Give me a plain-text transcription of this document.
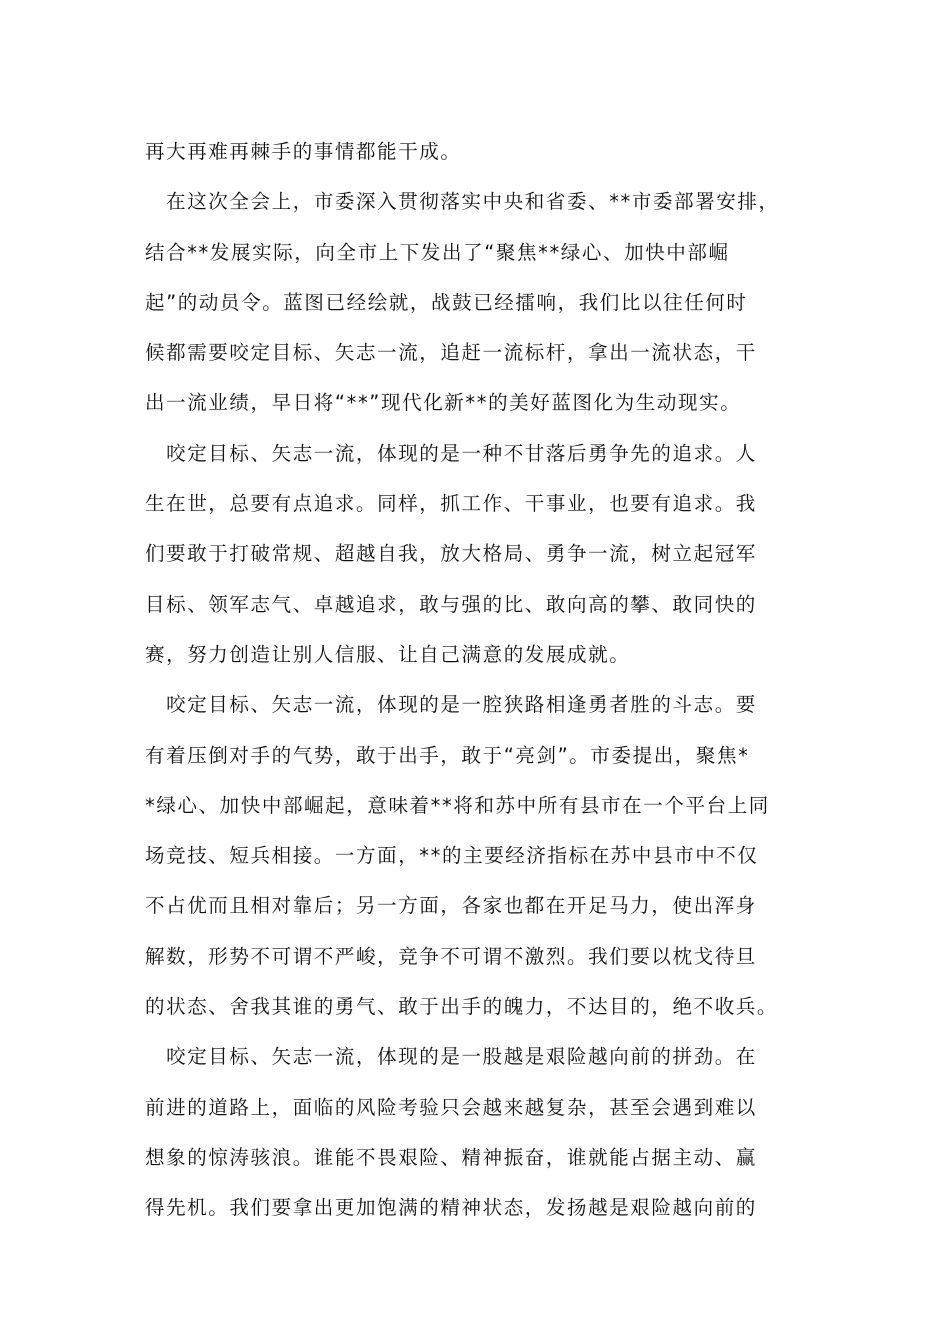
再大再难再棘手的事情都能干成。
　在这次全会上，市委深入贯彻落实中央和省委、**市委部署安排，
结合**发展实际，向全市上下发出了“聚焦**绿心、加快中部崛
起”的动员令。蓝图已经绘就，战鼓已经擂响，我们比以往任何时
候都需要咬定目标、矢志一流，追赶一流标杆，拿出一流状态，干
出一流业绩，早日将“**”现代化新**的美好蓝图化为生动现实。
　咬定目标、矢志一流，体现的是一种不甘落后勇争先的追求。人
生在世，总要有点追求。同样，抓工作、干事业，也要有追求。我
们要敢于打破常规、超越自我，放大格局、勇争一流，树立起冠军
目标、领军志气、卓越追求，敢与强的比、敢向高的攀、敢同快的
赛，努力创造让别人信服、让自己满意的发展成就。
　咬定目标、矢志一流，体现的是一腔狭路相逢勇者胜的斗志。要
有着压倒对手的气势，敢于出手，敢于“亮剑”。市委提出，聚焦*
*绿心、加快中部崛起，意味着**将和苏中所有县市在一个平台上同
场竞技、短兵相接。一方面，**的主要经济指标在苏中县市中不仅
不占优而且相对靠后；另一方面，各家也都在开足马力，使出浑身
解数，形势不可谓不严峻，竞争不可谓不激烈。我们要以枕戈待旦
的状态、舍我其谁的勇气、敢于出手的魄力，不达目的，绝不收兵。
　咬定目标、矢志一流，体现的是一股越是艰险越向前的拼劲。在
前进的道路上，面临的风险考验只会越来越复杂，甚至会遇到难以
想象的惊涛骇浪。谁能不畏艰险、精神振奋，谁就能占据主动、赢
得先机。我们要拿出更加饱满的精神状态，发扬越是艰险越向前的
